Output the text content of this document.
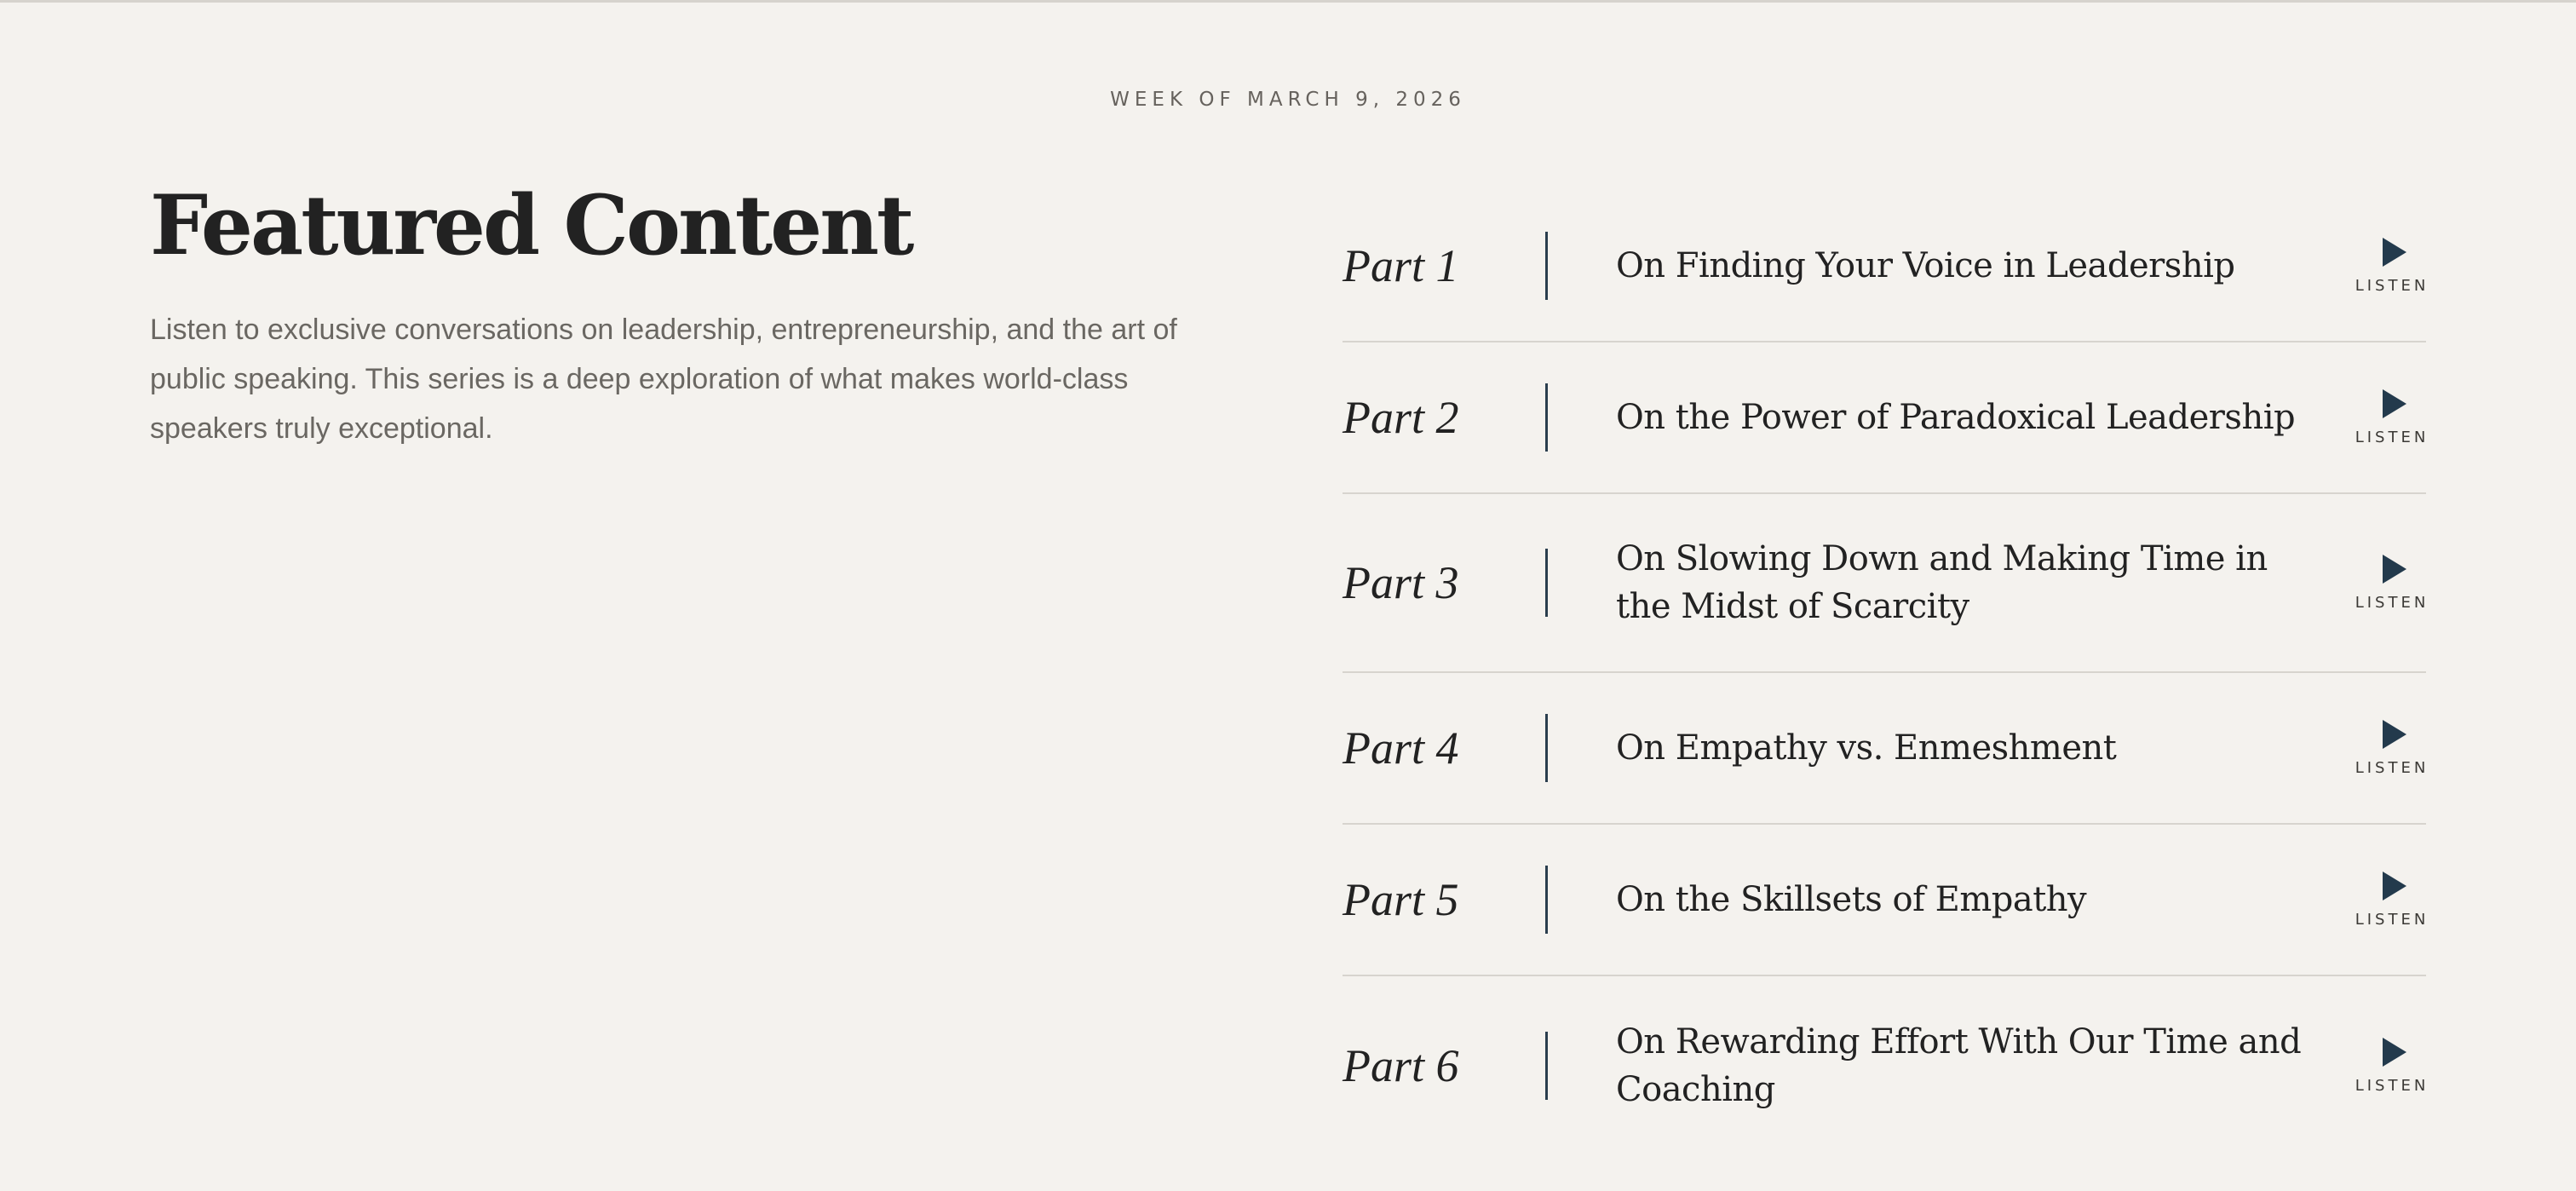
WEEK OF MARCH 9, 2026
Featured Content

Listen to exclusive conversations on leadership, entrepreneurship, and the art of public speaking. This series is a deep exploration of what makes world-class speakers truly exceptional.

Part 1	On Finding Your Voice in Leadership	LISTEN
Part 2	On the Power of Paradoxical Leadership	LISTEN
Part 3	On Slowing Down and Making Time in the Midst of Scarcity	LISTEN
Part 4	On Empathy vs. Enmeshment	LISTEN
Part 5	On the Skillsets of Empathy	LISTEN
Part 6	On Rewarding Effort With Our Time and Coaching	LISTEN
